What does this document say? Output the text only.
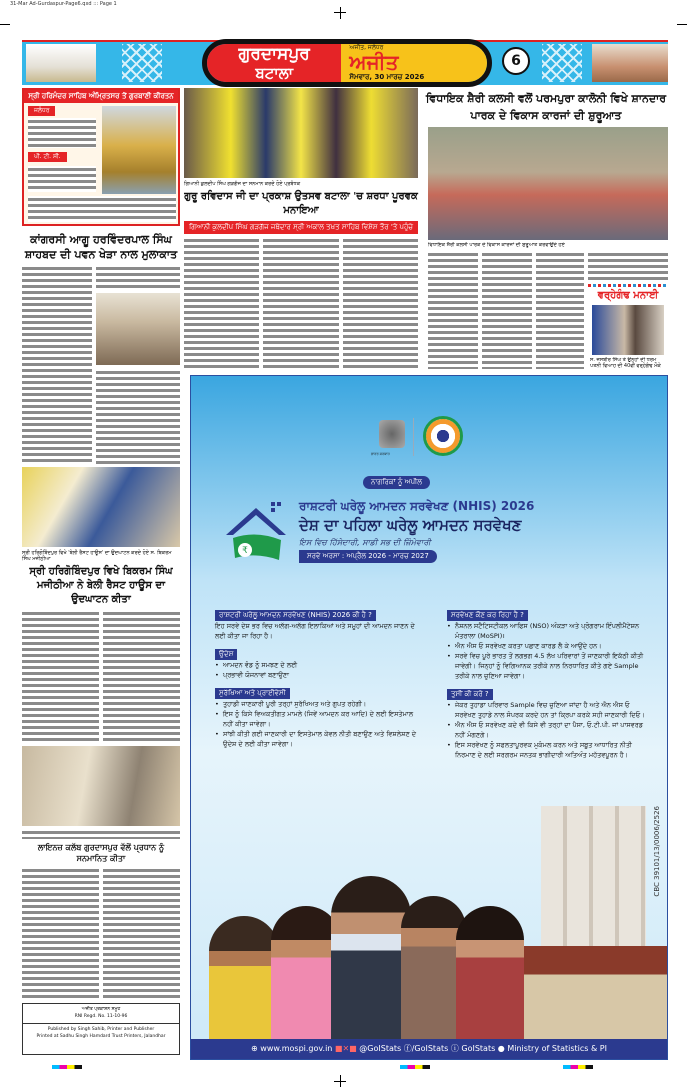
31-Mar Ad-Gurdaspur-Page6.qxd ::: Page 1
ਗੁਰਦਾਸਪੁਰ
ਬਟਾਲਾ
ਅਜੀਤ, ਜਲੰਧਰ
ਅਜੀਤ
ਸੋਮਵਾਰ, 30 ਮਾਰਚ 2026
6
ਸ੍ਰੀ ਹਰਿਮੰਦਰ ਸਾਹਿਬ ਅੰਮ੍ਰਿਤਸਰ ਤੋਂ ਗੁਰਬਾਣੀ ਕੀਰਤਨ
ਜਲੰਧਰ
ਪੀ. ਟੀ. ਸੀ.
ਕਾਂਗਰਸੀ ਆਗੂ ਹਰਵਿੰਦਰਪਾਲ ਸਿੰਘ ਸ਼ਾਹਬਦ ਦੀ ਪਵਨ ਖੇੜਾ ਨਾਲ ਮੁਲਾਕਾਤ
ਸ੍ਰੀ ਹਰਿਗੋਬਿੰਦਪੁਰ ਵਿਖੇ 'ਬੇਲੀ ਰੈਸਟ ਹਾਊਸ' ਦਾ ਉਦਘਾਟਨ ਕਰਦੇ ਹੋਏ ਸ. ਬਿਕਰਮ ਸਿੰਘ ਮਜੀਠੀਆ
ਸ੍ਰੀ ਹਰਿਗੋਬਿੰਦਪੁਰ ਵਿਖੇ ਬਿਕਰਮ ਸਿੰਘ ਮਜੀਠੀਆ ਨੇ ਬੇਲੀ ਰੈਸਟ ਹਾਊਸ ਦਾ ਉਦਘਾਟਨ ਕੀਤਾ
ਲਾਇਨਜ਼ ਕਲੱਬ ਗੁਰਦਾਸਪੁਰ ਵੱਲੋਂ ਪ੍ਰਧਾਨ ਨੂੰ ਸਨਮਾਨਿਤ ਕੀਤਾ
ਅਜੀਤ ਪ੍ਰਕਾਸ਼ਨ ਸਮੂਹ
RNI Regd. No. 11-10-96
Published by Singh Sahib, Printer and Publisher
Printed at Sadhu Singh Hamdard Trust Printers, Jalandhar
ਗਿਆਨੀ ਕੁਲਦੀਪ ਸਿੰਘ ਗੜਗੱਜ ਦਾ ਸਨਮਾਨ ਕਰਦੇ ਹੋਏ ਪ੍ਰਬੰਧਕ
ਗੁਰੂ ਰਵਿਦਾਸ ਜੀ ਦਾ ਪ੍ਰਕਾਸ਼ ਉਤਸਵ ਬਟਾਲਾ 'ਚ ਸ਼ਰਧਾ ਪੂਰਵਕ ਮਨਾਇਆ
ਗਿਆਨੀ ਕੁਲਦੀਪ ਸਿੰਘ ਗੜਗੱਜ ਜਥੇਦਾਰ ਸ੍ਰੀ ਅਕਾਲ ਤਖ਼ਤ ਸਾਹਿਬ ਵਿਸ਼ੇਸ਼ ਤੌਰ 'ਤੇ ਪਹੁੰਚੇ
ਵਿਧਾਇਕ ਸ਼ੈਰੀ ਕਲਸੀ ਵਲੋਂ ਪਰਮਪੁਰਾ ਕਾਲੋਨੀ ਵਿਖੇ ਸ਼ਾਨਦਾਰ ਪਾਰਕ ਦੇ ਵਿਕਾਸ ਕਾਰਜਾਂ ਦੀ ਸ਼ੁਰੂਆਤ
ਵਿਧਾਇਕ ਸ਼ੈਰੀ ਕਲਸੀ ਪਾਰਕ ਦੇ ਵਿਕਾਸ ਕਾਰਜਾਂ ਦੀ ਸ਼ੁਰੂਆਤ ਕਰਵਾਉਂਦੇ ਹੋਏ
ਵਰ੍ਹੇਗੰਢ ਮਨਾਈ
ਸ. ਜਸਬੀਰ ਸਿੰਘ ਤੇ ਉਨ੍ਹਾਂ ਦੀ ਧਰਮ ਪਤਨੀ ਵਿਆਹ ਦੀ 40ਵੀਂ ਵਰ੍ਹੇਗੰਢ ਮੌਕੇ
ਭਾਰਤ ਸਰਕਾਰ
ਨਾਗਰਿਕਾਂ ਨੂੰ ਅਪੀਲ
₹
ਰਾਸ਼ਟਰੀ ਘਰੇਲੂ ਆਮਦਨ ਸਰਵੇਖਣ (NHIS) 2026
ਦੇਸ਼ ਦਾ ਪਹਿਲਾ ਘਰੇਲੂ ਆਮਦਨ ਸਰਵੇਖਣ
ਇਸ ਵਿਚ ਹਿੱਸੇਦਾਰੀ, ਸਾਡੀ ਸਭ ਦੀ ਜ਼ਿੰਮੇਵਾਰੀ
ਸਰਵੇ ਅਰਸਾ : ਅਪ੍ਰੈਲ 2026 - ਮਾਰਚ 2027
ਰਾਸ਼ਟਰੀ ਘਰੇਲੂ ਆਮਦਨ ਸਰਵੇਖਣ (NHIS) 2026 ਕੀ ਹੈ ?
ਇਹ ਸਰਵੇ ਦੇਸ਼ ਭਰ ਵਿਚ ਅਲੱਗ-ਅਲੱਗ ਇਲਾਕਿਆਂ ਅਤੇ ਸਮੂਹਾਂ ਦੀ ਆਮਦਨ ਜਾਣਨ ਦੇ ਲਈ ਕੀਤਾ ਜਾ ਰਿਹਾ ਹੈ।
ਉਦੇਸ਼
• ਆਮਦਨ ਵੰਡ ਨੂੰ ਸਮਝਣ ਦੇ ਲਈ
• ਪ੍ਰਭਾਵੀ ਯੋਜਨਾਵਾਂ ਬਣਾਉਣਾ
ਸੁਰੱਖਿਆ ਅਤੇ ਪ੍ਰਾਈਵੇਸੀ
• ਤੁਹਾਡੀ ਜਾਣਕਾਰੀ ਪੂਰੀ ਤਰ੍ਹਾਂ ਸੁਰੱਖਿਅਤ ਅਤੇ ਗੁਪਤ ਰਹੇਗੀ।
• ਇਸ ਨੂੰ ਕਿਸੇ ਵਿਅਕਤੀਗਤ ਮਾਮਲੇ (ਜਿਵੇਂ ਆਮਦਨ ਕਰ ਆਦਿ) ਦੇ ਲਈ ਇਸਤੇਮਾਲ ਨਹੀਂ ਕੀਤਾ ਜਾਵੇਗਾ।
• ਸਾਂਝੀ ਕੀਤੀ ਗਈ ਜਾਣਕਾਰੀ ਦਾ ਇਸਤੇਮਾਲ ਕੇਵਲ ਨੀਤੀ ਬਣਾਉਣ ਅਤੇ ਵਿਸ਼ਲੇਸ਼ਣ ਦੇ ਉਦੇਸ਼ ਦੇ ਲਈ ਕੀਤਾ ਜਾਵੇਗਾ।
ਸਰਵੇਖਣ ਕੌਣ ਕਰ ਰਿਹਾ ਹੈ ?
• ਨੈਸ਼ਨਲ ਸਟੈਟਿਸਟੀਕਲ ਆਫਿਸ (NSO) ਅੰਕੜਾ ਅਤੇ ਪ੍ਰੋਗਰਾਮ ਇੰਪਲੀਮੈਂਟੇਸ਼ਨ ਮੰਤਰਾਲਾ (MoSPI)।
• ਐਨ ਐਸ ਓ ਸਰਵੇਖਣ ਕਰਤਾ ਪਛਾਣ ਕਾਰਡ ਲੈ ਕੇ ਆਉਂਦੇ ਹਨ।
• ਸਰਵੇ ਵਿਚ ਪੂਰੇ ਭਾਰਤ ਤੋਂ ਲਗਭਗ 4.5 ਲੱਖ ਪਰਿਵਾਰਾਂ ਤੋਂ ਜਾਣਕਾਰੀ ਇਕੱਠੀ ਕੀਤੀ ਜਾਵੇਗੀ। ਜਿਨ੍ਹਾਂ ਨੂੰ ਵਿਗਿਆਨਕ ਤਰੀਕੇ ਨਾਲ ਨਿਰਧਾਰਿਤ ਕੀਤੇ ਗਏ Sample ਤਰੀਕੇ ਨਾਲ ਚੁਣਿਆ ਜਾਵੇਗਾ।
ਤੁਸੀਂ ਕੀ ਕਰੋ ?
• ਜੇਕਰ ਤੁਹਾਡਾ ਪਰਿਵਾਰ Sample ਵਿਚ ਚੁਣਿਆ ਜਾਂਦਾ ਹੈ ਅਤੇ ਐਨ ਐਸ ਓ ਸਰਵੇਖਣ ਤੁਹਾਡੇ ਨਾਲ ਸੰਪਰਕ ਕਰਦੇ ਹਨ ਤਾਂ ਕ੍ਰਿਪਾ ਕਰਕੇ ਸਹੀ ਜਾਣਕਾਰੀ ਦਿਓ।
• ਐਨ ਐਸ ਓ ਸਰਵੇਖਣ ਕਦੇ ਵੀ ਕਿਸੇ ਵੀ ਤਰ੍ਹਾਂ ਦਾ ਪੈਸਾ, ਓ.ਟੀ.ਪੀ. ਜਾਂ ਪਾਸਵਰਡ ਨਹੀਂ ਮੰਗਣਗੇ।
• ਇਸ ਸਰਵੇਖਣ ਨੂੰ ਸਫਲਤਾਪੂਰਵਕ ਮੁਕੰਮਲ ਕਰਨ ਅਤੇ ਸਬੂਤ ਆਧਾਰਿਤ ਨੀਤੀ ਨਿਰਮਾਣ ਦੇ ਲਈ ਸਰਗਰਮ ਜਨਤਕ ਭਾਗੀਦਾਰੀ ਅਤਿਅੰਤ ਮਹੱਤਵਪੂਰਨ ਹੈ।
CBC 39101/13/0006/2526
⊕ www.mospi.gov.in ■✕■ @GoIStats ⓕ/GoIStats ⓘ GoIStats ● Ministry of Statistics & PI
